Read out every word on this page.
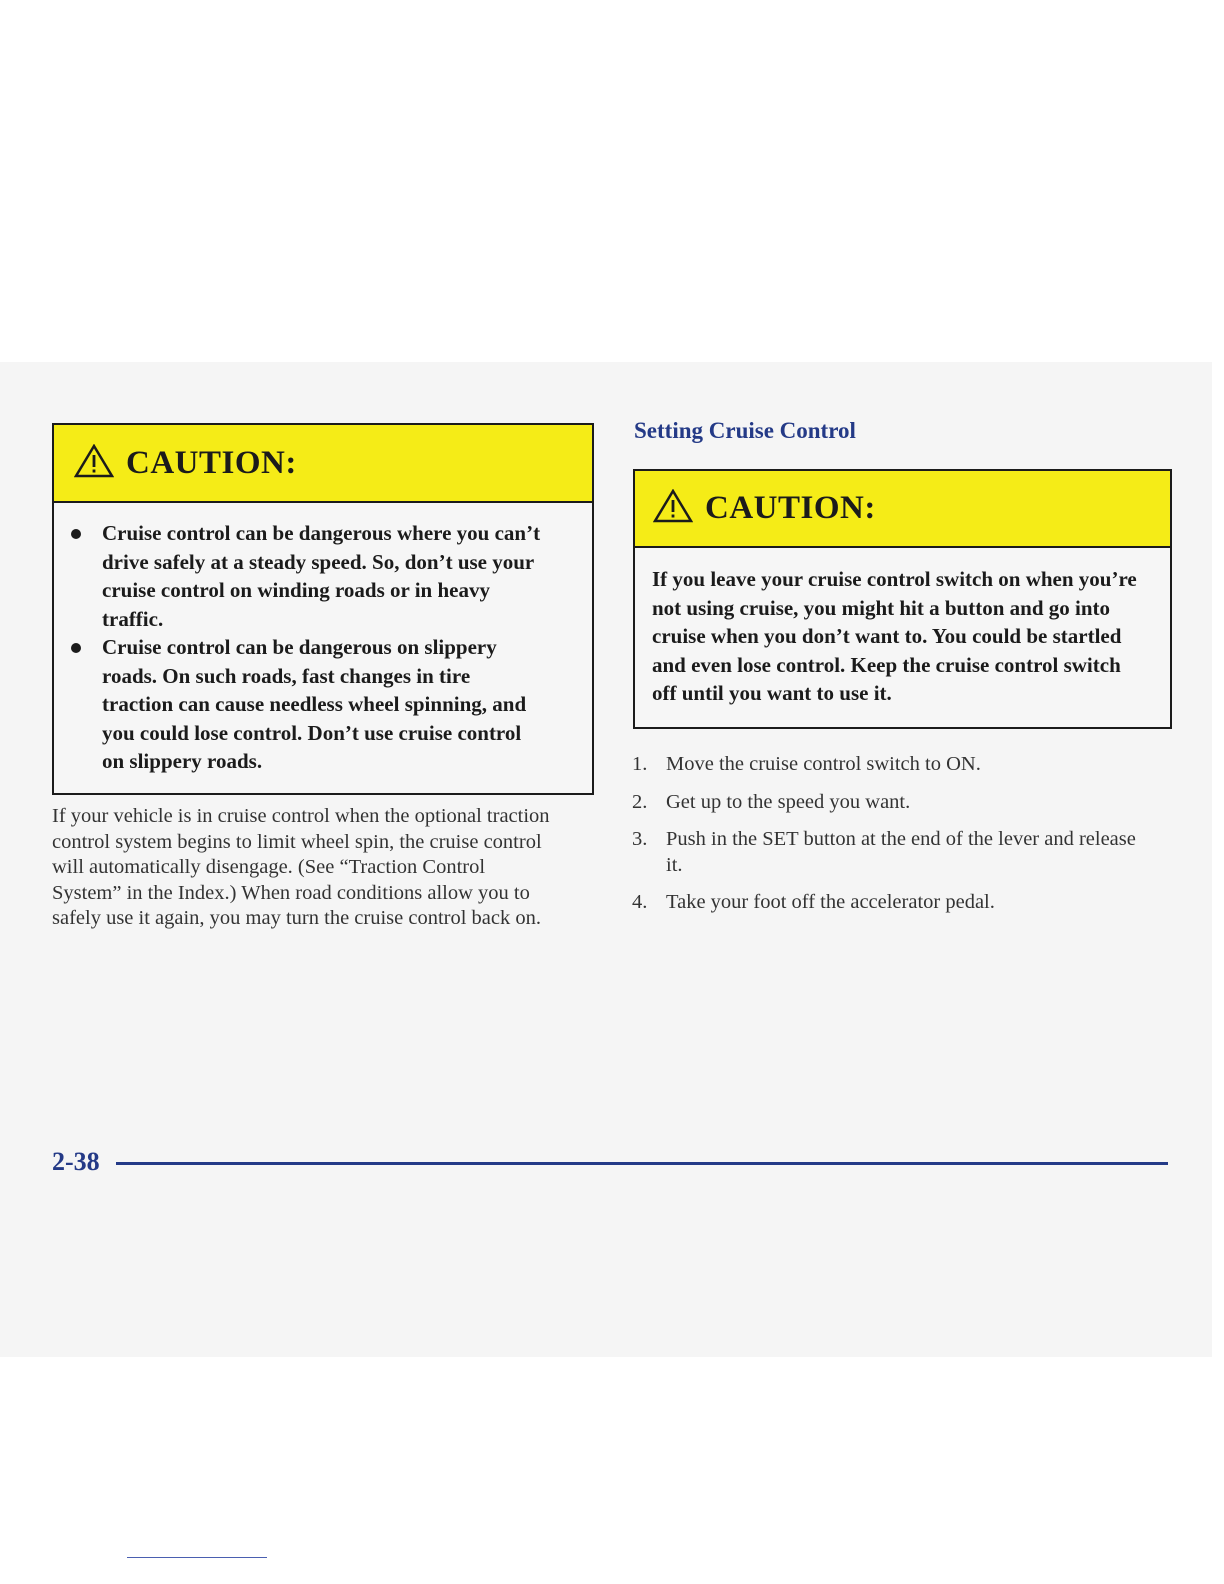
CAUTION:
Cruise control can be dangerous where you can’t drive safely at a steady speed. So, don’t use your cruise control on winding roads or in heavy traffic.
Cruise control can be dangerous on slippery roads. On such roads, fast changes in tire traction can cause needless wheel spinning, and you could lose control. Don’t use cruise control on slippery roads.

If your vehicle is in cruise control when the optional traction control system begins to limit wheel spin, the cruise control will automatically disengage. (See “Traction Control System” in the Index.) When road conditions allow you to safely use it again, you may turn the cruise control back on.

Setting Cruise Control
CAUTION:
If you leave your cruise control switch on when you’re not using cruise, you might hit a button and go into cruise when you don’t want to. You could be startled and even lose control. Keep the cruise control switch off until you want to use it.
1. Move the cruise control switch to ON.
2. Get up to the speed you want.
3. Push in the SET button at the end of the lever and release it.
4. Take your foot off the accelerator pedal.
2-38
